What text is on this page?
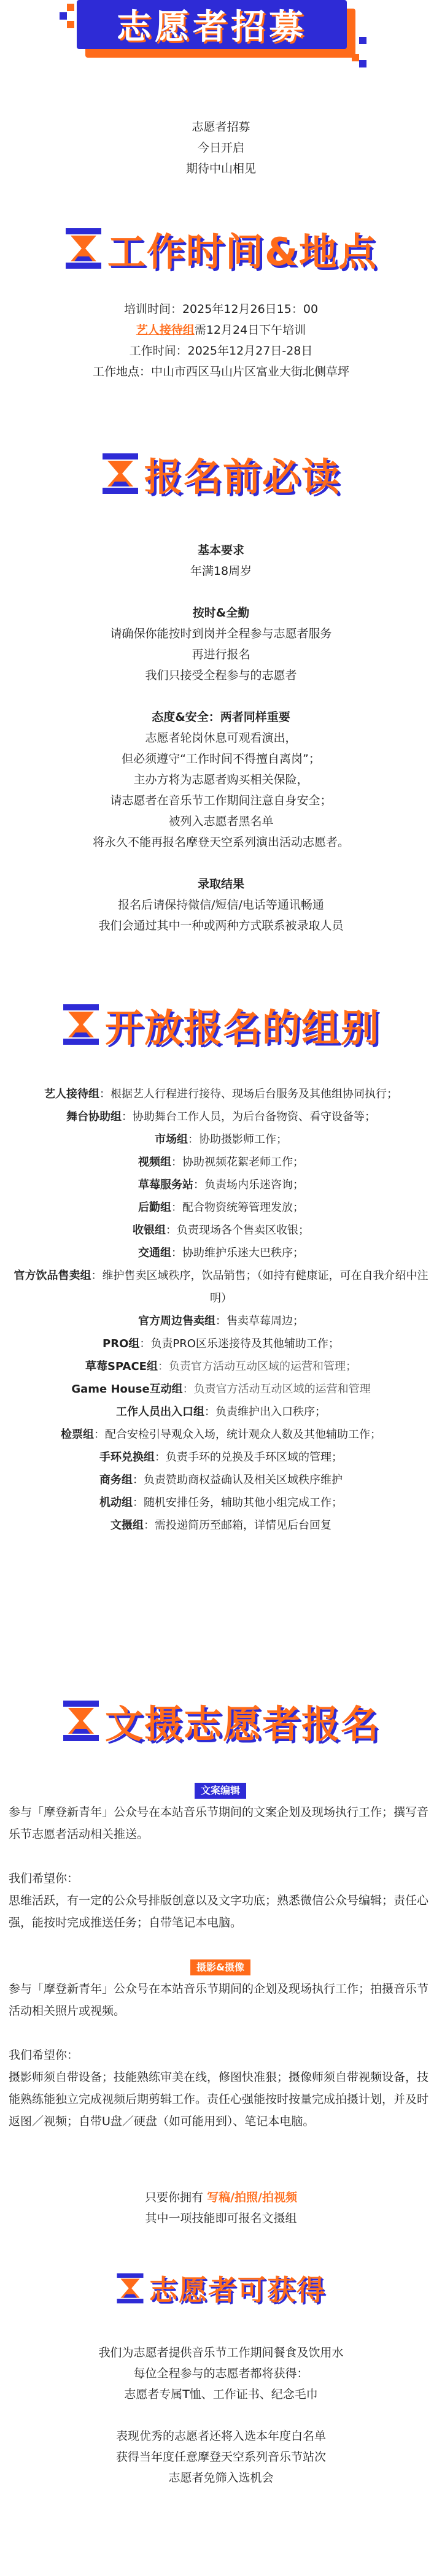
志愿者招募

志愿者招募

今日开启

期待中山相见

工作时间&地点

培训时间：2025年12月26日15：00

艺人接待组需12月24日下午培训

工作时间：2025年12月27日-28日

工作地点：中山市西区马山片区富业大街北侧草坪

报名前必读

基本要求

年满18周岁

按时&全勤

请确保你能按时到岗并全程参与志愿者服务

再进行报名

我们只接受全程参与的志愿者

态度&安全：两者同样重要

志愿者轮岗休息可观看演出，

但必须遵守“工作时间不得擅自离岗”；

主办方将为志愿者购买相关保险，

请志愿者在音乐节工作期间注意自身安全；

被列入志愿者黑名单

将永久不能再报名摩登天空系列演出活动志愿者。

录取结果

报名后请保持微信/短信/电话等通讯畅通

我们会通过其中一种或两种方式联系被录取人员

开放报名的组别

艺人接待组：根据艺人行程进行接待、现场后台服务及其他组协同执行；

舞台协助组：协助舞台工作人员，为后台备物资、看守设备等；

市场组：协助摄影师工作；

视频组：协助视频花絮老师工作；

草莓服务站：负责场内乐迷咨询；

后勤组：配合物资统筹管理发放；

收银组：负责现场各个售卖区收银；

交通组：协助维护乐迷大巴秩序；

官方饮品售卖组：维护售卖区域秩序，饮品销售；（如持有健康证，可在自我介绍中注明）

官方周边售卖组：售卖草莓周边；

PRO组：负责PRO区乐迷接待及其他辅助工作；

草莓SPACE组：负责官方活动互动区域的运营和管理；

Game House互动组：负责官方活动互动区域的运营和管理

工作人员出入口组：负责维护出入口秩序；

检票组：配合安检引导观众入场，统计观众人数及其他辅助工作；

手环兑换组：负责手环的兑换及手环区域的管理；

商务组：负责赞助商权益确认及相关区域秩序维护

机动组：随机安排任务，辅助其他小组完成工作；

文摄组：需投递简历至邮箱，详情见后台回复

文摄志愿者报名
文案编辑

参与「摩登新青年」公众号在本站音乐节期间的文案企划及现场执行工作；撰写音乐节志愿者活动相关推送。

我们希望你：

思维活跃，有一定的公众号排版创意以及文字功底；熟悉微信公众号编辑；责任心强，能按时完成推送任务；自带笔记本电脑。

摄影&摄像

参与「摩登新青年」公众号在本站音乐节期间的企划及现场执行工作；拍摄音乐节活动相关照片或视频。

我们希望你：

摄影师须自带设备；技能熟练审美在线，修图快准狠；摄像师须自带视频设备，技能熟练能独立完成视频后期剪辑工作。责任心强能按时按量完成拍摄计划，并及时返图／视频；自带U盘／硬盘（如可能用到）、笔记本电脑。

只要你拥有 写稿/拍照/拍视频

其中一项技能即可报名文摄组

志愿者可获得

我们为志愿者提供音乐节工作期间餐食及饮用水

每位全程参与的志愿者都将获得：

志愿者专属T恤、工作证书、纪念毛巾

表现优秀的志愿者还将入选本年度白名单

获得当年度任意摩登天空系列音乐节站次

志愿者免筛入选机会
